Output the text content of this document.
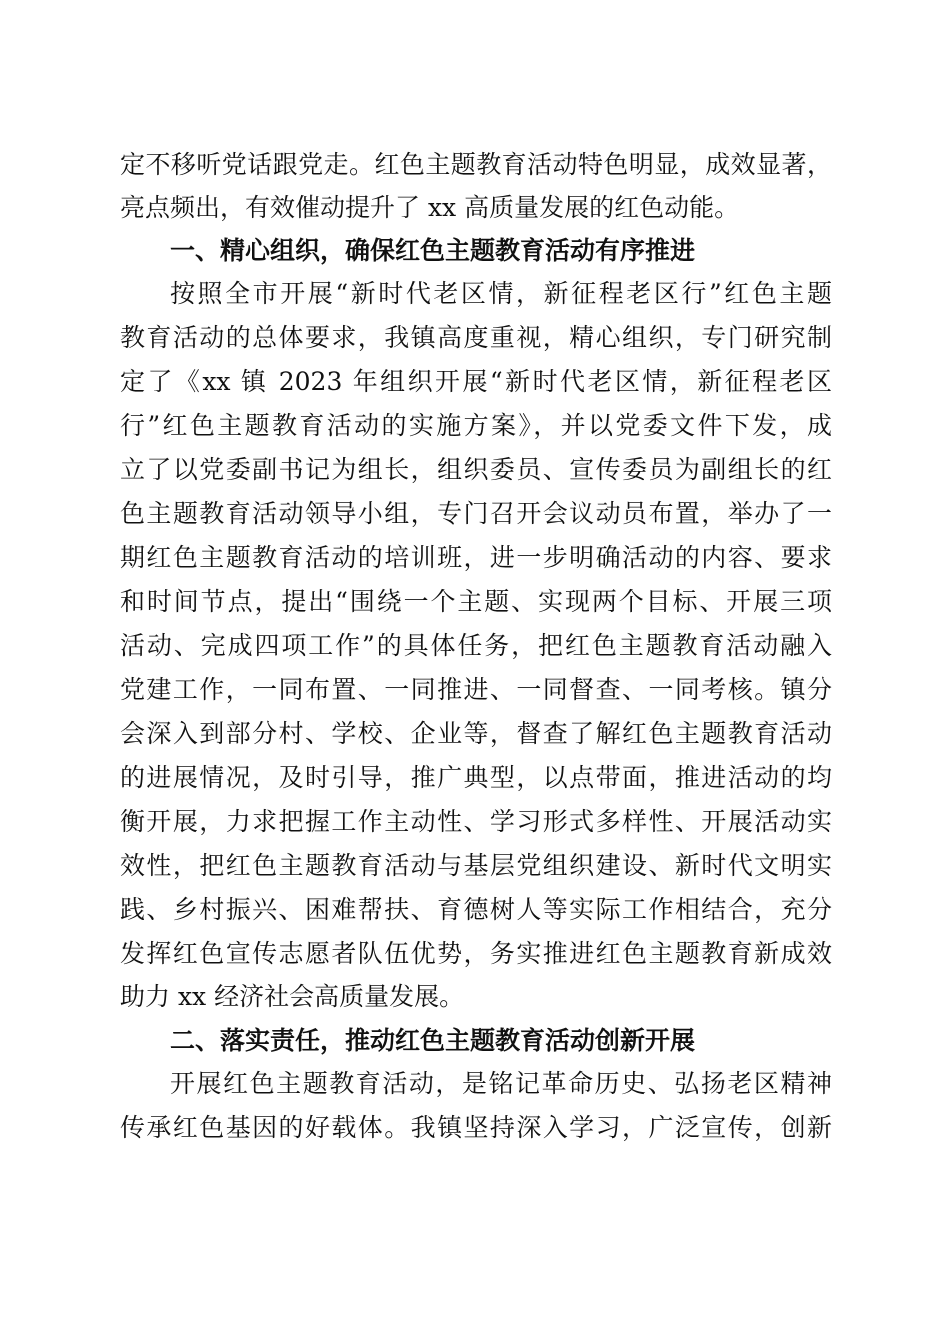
定不移听党话跟党走。红色主题教育活动特色明显，成效显著，
亮点频出，有效催动提升了 xx 高质量发展的红色动能。
一、精心组织，确保红色主题教育活动有序推进
按照全市开展“新时代老区情，新征程老区行”红色主题
教育活动的总体要求，我镇高度重视，精心组织，专门研究制
定了《xx 镇 2023 年组织开展“新时代老区情，新征程老区
行”红色主题教育活动的实施方案》，并以党委文件下发，成
立了以党委副书记为组长，组织委员、宣传委员为副组长的红
色主题教育活动领导小组，专门召开会议动员布置，举办了一
期红色主题教育活动的培训班，进一步明确活动的内容、要求
和时间节点，提出“围绕一个主题、实现两个目标、开展三项
活动、完成四项工作”的具体任务，把红色主题教育活动融入
党建工作，一同布置、一同推进、一同督查、一同考核。镇分
会深入到部分村、学校、企业等，督查了解红色主题教育活动
的进展情况，及时引导，推广典型，以点带面，推进活动的均
衡开展，力求把握工作主动性、学习形式多样性、开展活动实
效性，把红色主题教育活动与基层党组织建设、新时代文明实
践、乡村振兴、困难帮扶、育德树人等实际工作相结合，充分
发挥红色宣传志愿者队伍优势，务实推进红色主题教育新成效
助力 xx 经济社会高质量发展。
二、落实责任，推动红色主题教育活动创新开展
开展红色主题教育活动，是铭记革命历史、弘扬老区精神
传承红色基因的好载体。我镇坚持深入学习，广泛宣传，创新
